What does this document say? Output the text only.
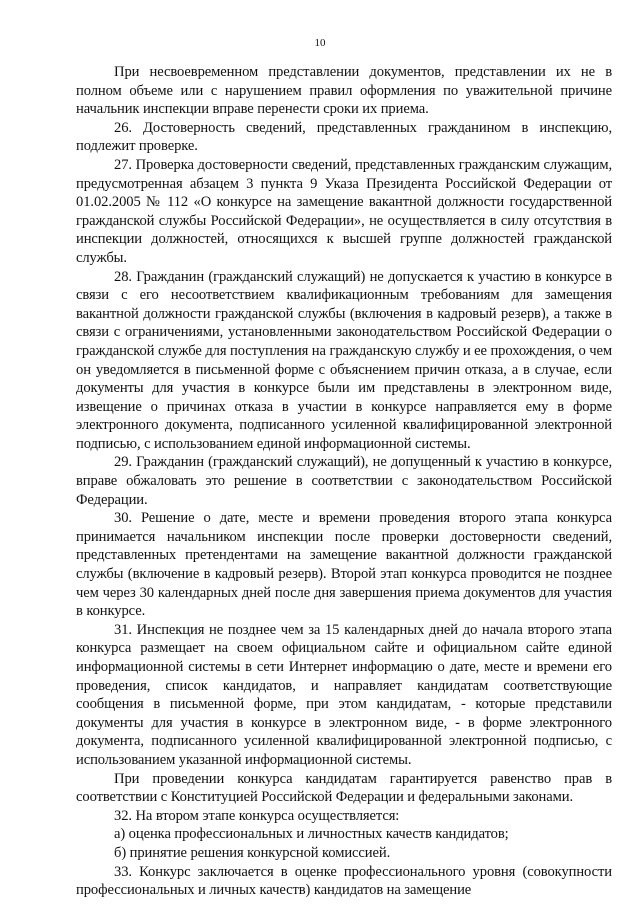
10

При несвоевременном представлении документов, представлении их не в полном объеме или с нарушением правил оформления по уважительной причине начальник инспекции вправе перенести сроки их приема.

26. Достоверность сведений, представленных гражданином в инспекцию, подлежит проверке.

27. Проверка достоверности сведений, представленных гражданским служащим, предусмотренная абзацем 3 пункта 9 Указа Президента Российской Федерации от 01.02.2005 № 112 «О конкурсе на замещение вакантной должности государственной гражданской службы Российской Федерации», не осуществляется в силу отсутствия в инспекции должностей, относящихся к высшей группе должностей гражданской службы.

28. Гражданин (гражданский служащий) не допускается к участию в конкурсе в связи с его несоответствием квалификационным требованиям для замещения вакантной должности гражданской службы (включения в кадровый резерв), а также в связи с ограничениями, установленными законодательством Российской Федерации о гражданской службе для поступления на гражданскую службу и ее прохождения, о чем он уведомляется в письменной форме с объяснением причин отказа, а в случае, если документы для участия в конкурсе были им представлены в электронном виде, извещение о причинах отказа в участии в конкурсе направляется ему в форме электронного документа, подписанного усиленной квалифицированной электронной подписью, с использованием единой информационной системы.

29. Гражданин (гражданский служащий), не допущенный к участию в конкурсе, вправе обжаловать это решение в соответствии с законодательством Российской Федерации.

30. Решение о дате, месте и времени проведения второго этапа конкурса принимается начальником инспекции после проверки достоверности сведений, представленных претендентами на замещение вакантной должности гражданской службы (включение в кадровый резерв). Второй этап конкурса проводится не позднее чем через 30 календарных дней после дня завершения приема документов для участия в конкурсе.

31. Инспекция не позднее чем за 15 календарных дней до начала второго этапа конкурса размещает на своем официальном сайте и официальном сайте единой информационной системы в сети Интернет информацию о дате, месте и времени его проведения, список кандидатов, и направляет кандидатам соответствующие сообщения в письменной форме, при этом кандидатам, - которые представили документы для участия в конкурсе в электронном виде, - в форме электронного документа, подписанного усиленной квалифицированной электронной подписью, с использованием указанной информационной системы.

При проведении конкурса кандидатам гарантируется равенство прав в соответствии с Конституцией Российской Федерации и федеральными законами.

32. На втором этапе конкурса осуществляется:

а) оценка профессиональных и личностных качеств кандидатов;

б) принятие решения конкурсной комиссией.

33. Конкурс заключается в оценке профессионального уровня (совокупности профессиональных и личных качеств) кандидатов на замещение
